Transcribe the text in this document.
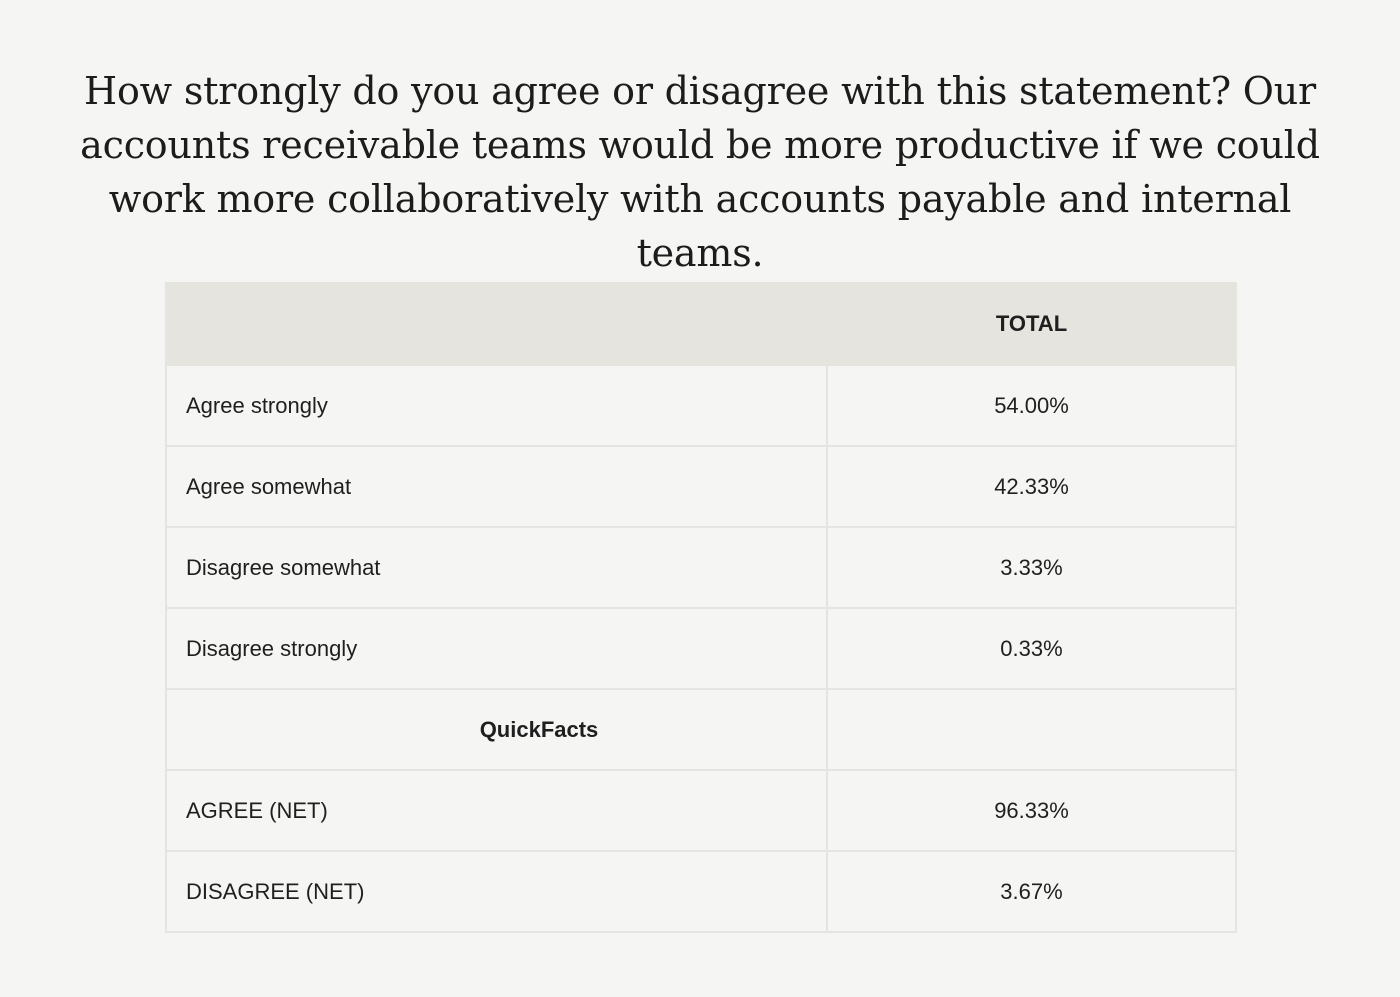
How strongly do you agree or disagree with this statement? Our accounts receivable teams would be more productive if we could work more collaboratively with accounts payable and internal teams.
	TOTAL
Agree strongly	54.00%
Agree somewhat	42.33%
Disagree somewhat	3.33%
Disagree strongly	0.33%
QuickFacts	
AGREE (NET)	96.33%
DISAGREE (NET)	3.67%
